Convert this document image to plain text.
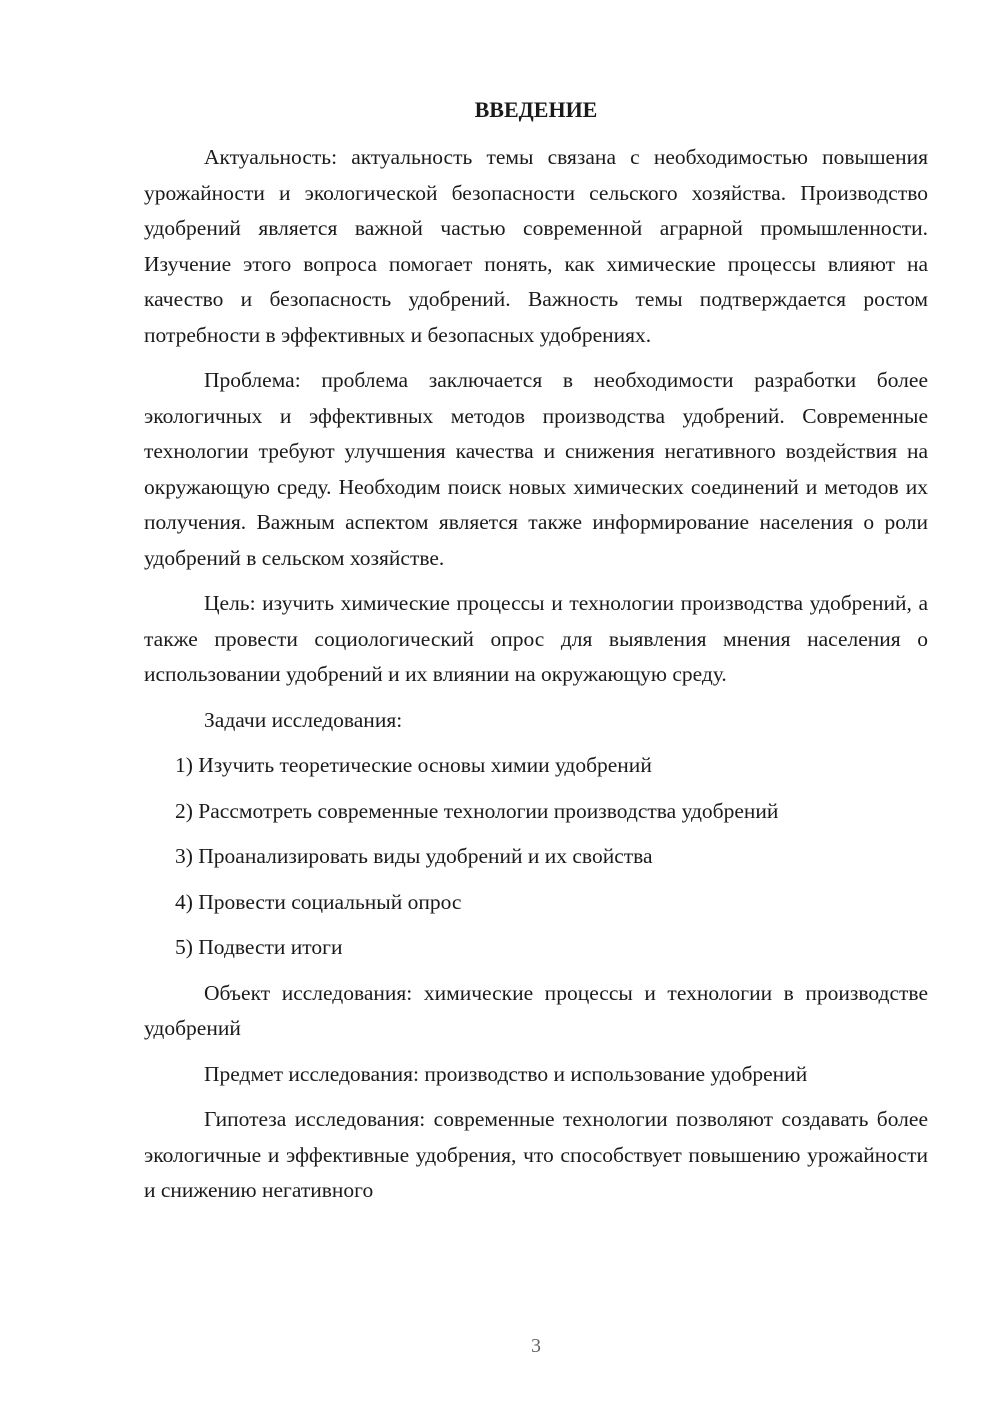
ВВЕДЕНИЕ

Актуальность: актуальность темы связана с необходимостью повышения урожайности и экологической безопасности сельского хозяйства. Производство удобрений является важной частью современной аграрной промышленности. Изучение этого вопроса помогает понять, как химические процессы влияют на качество и безопасность удобрений. Важность темы подтверждается ростом потребности в эффективных и безопасных удобрениях.

Проблема: проблема заключается в необходимости разработки более экологичных и эффективных методов производства удобрений. Современные технологии требуют улучшения качества и снижения негативного воздействия на окружающую среду. Необходим поиск новых химических соединений и методов их получения. Важным аспектом является также информирование населения о роли удобрений в сельском хозяйстве.

Цель: изучить химические процессы и технологии производства удобрений, а также провести социологический опрос для выявления мнения населения о использовании удобрений и их влиянии на окружающую среду.

Задачи исследования:

1) Изучить теоретические основы химии удобрений
2) Рассмотреть современные технологии производства удобрений
3) Проанализировать виды удобрений и их свойства
4) Провести социальный опрос
5) Подвести итоги

Объект исследования: химические процессы и технологии в производстве удобрений

Предмет исследования: производство и использование удобрений

Гипотеза исследования: современные технологии позволяют создавать более экологичные и эффективные удобрения, что способствует повышению урожайности и снижению негативного

3
